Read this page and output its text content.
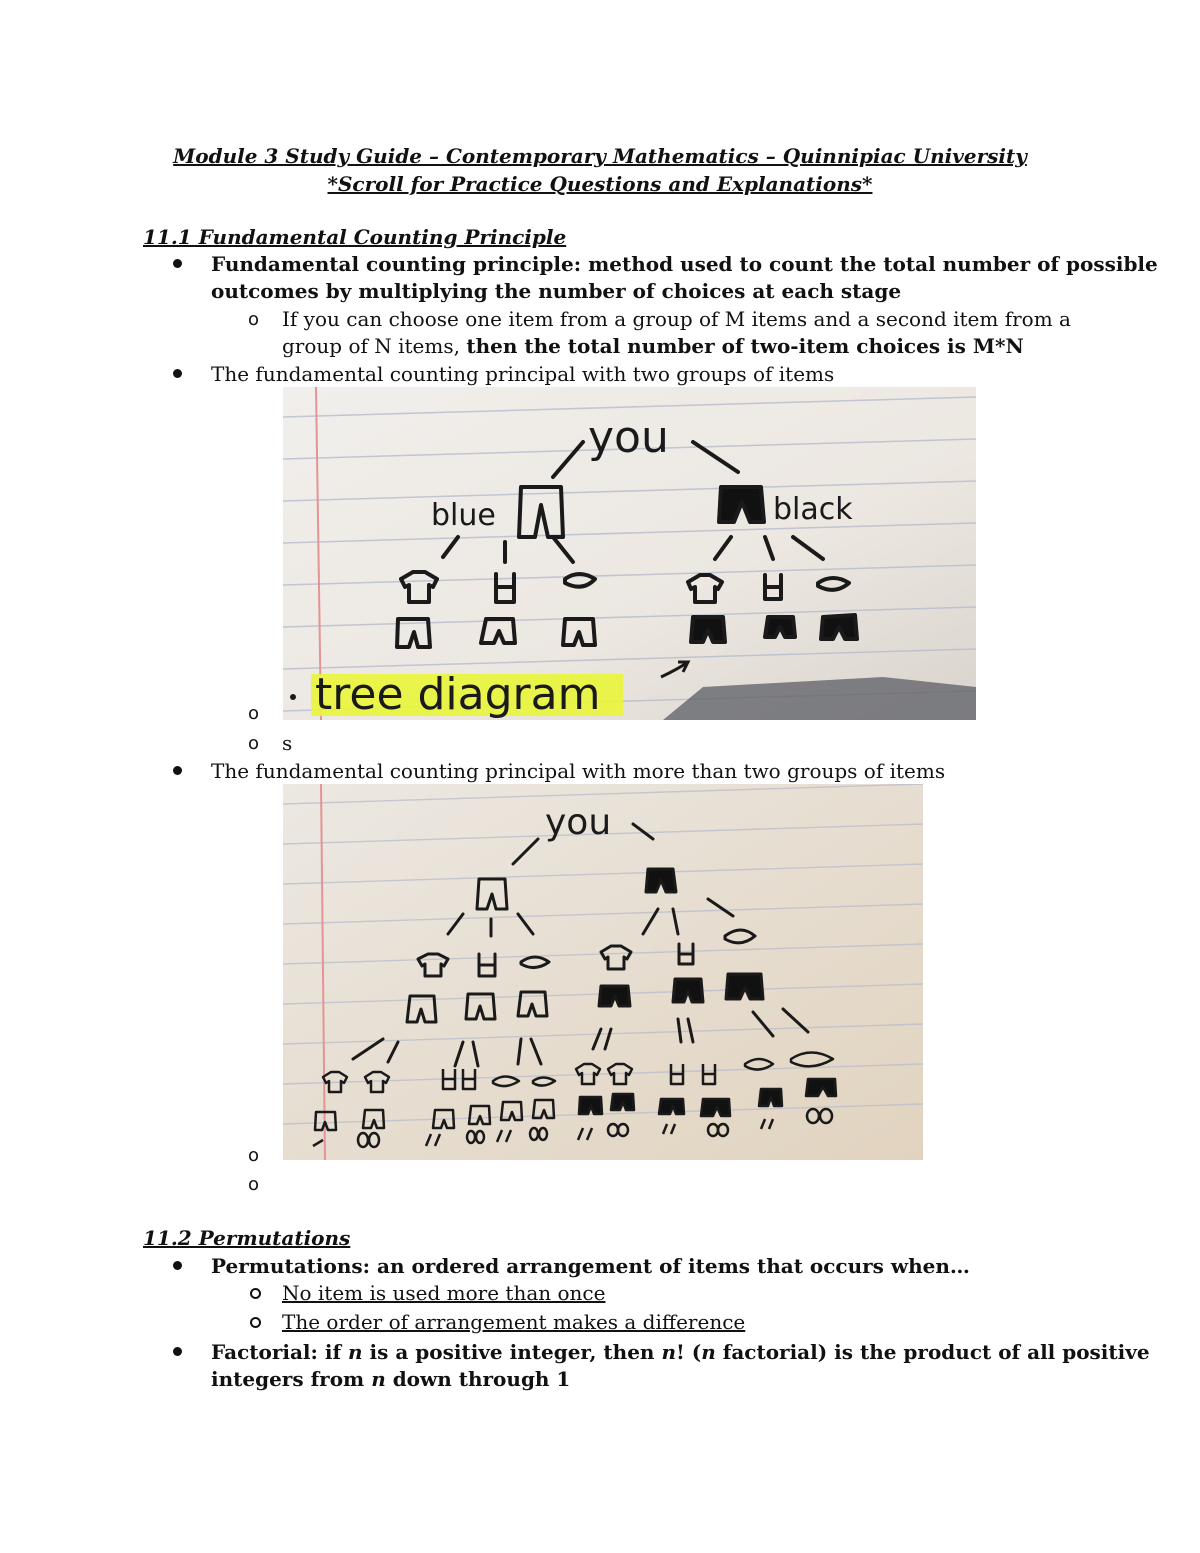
Module 3 Study Guide – Contemporary Mathematics – Quinnipiac University
*Scroll for Practice Questions and Explanations*
11.1 Fundamental Counting Principle
Fundamental counting principle: method used to count the total number of possible
outcomes by multiplying the number of choices at each stage
o If you can choose one item from a group of M items and a second item from a
group of N items, then the total number of two-item choices is M*N
The fundamental counting principal with two groups of items
you
blue	black
tree diagram
o
o s
The fundamental counting principal with more than two groups of items
you
o
o
11.2 Permutations
Permutations: an ordered arrangement of items that occurs when…
No item is used more than once
The order of arrangement makes a difference
Factorial: if n is a positive integer, then n! (n factorial) is the product of all positive
integers from n down through 1
